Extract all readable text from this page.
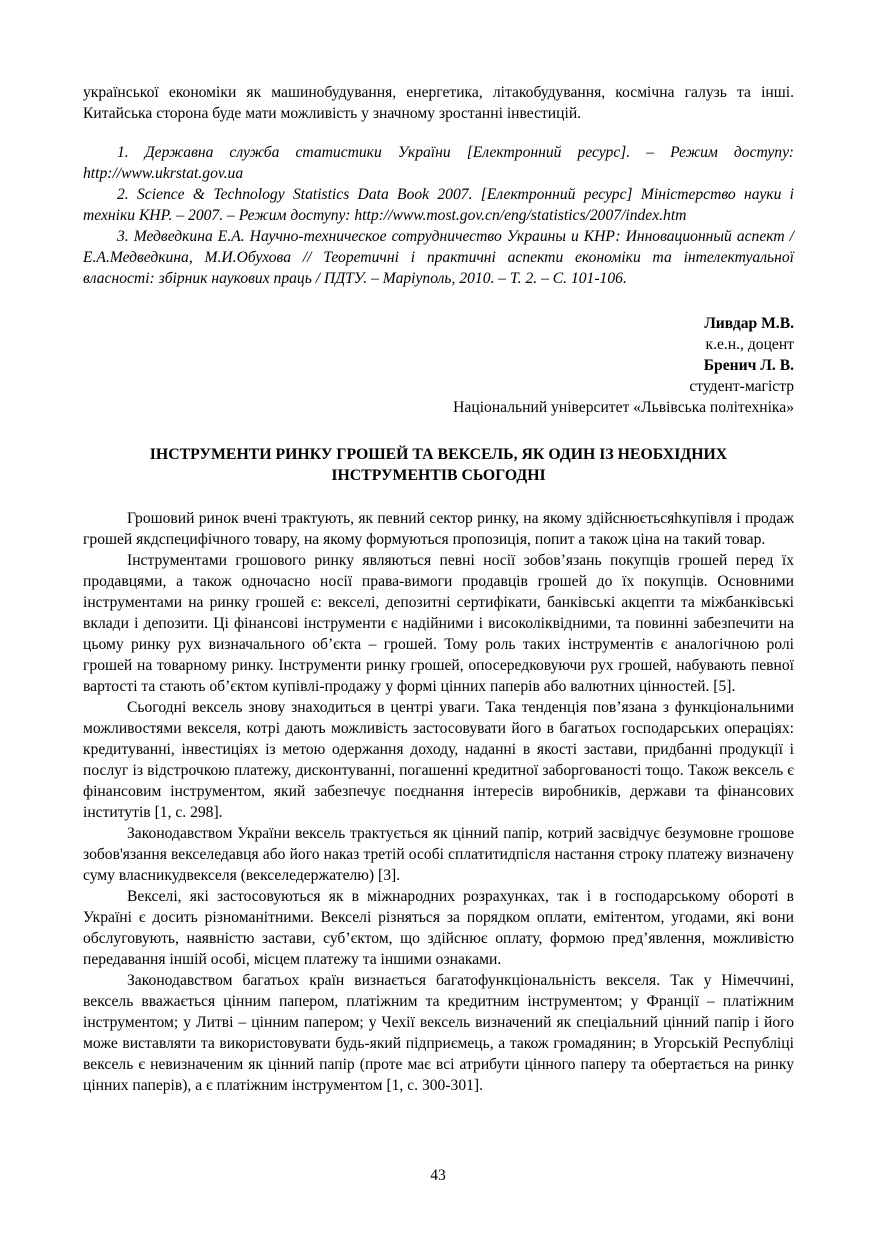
української економіки як машинобудування, енергетика, літакобудування, космічна галузь та інші. Китайська сторона буде мати можливість у значному зростанні інвестицій.

1. Державна служба статистики України [Електронний ресурс]. – Режим доступу: http://www.ukrstat.gov.ua

2. Science & Technology Statistics Data Book 2007. [Електронний ресурс] Міністерство науки і техніки КНР. – 2007. – Режим доступу: http://www.most.gov.cn/eng/statistics/2007/index.htm

3. Медведкина Е.А. Научно-техническое сотрудничество Украины и КНР: Инновационный аспект / Е.А.Медведкина, М.И.Обухова // Теоретичні і практичні аспекти економіки та інтелектуальної власності: збірник наукових праць / ПДТУ. – Маріуполь, 2010. – Т. 2. – С. 101-106.

Ливдар М.В.
к.е.н., доцент
Бренич Л. В.
студент-магістр
Національний університет «Львівська політехніка»
ІНСТРУМЕНТИ РИНКУ ГРОШЕЙ ТА ВЕКСЕЛЬ, ЯК ОДИН ІЗ НЕОБХІДНИХ ІНСТРУМЕНТІВ СЬОГОДНІ

Грошовий ринок вчені трактують, як певний сектор ринку, на якому здійснюєтьсяhкупівля і продаж грошей якдспецифічного товару, на якому формуються пропозиція, попит а також ціна на такий товар.

Інструментами грошового ринку являються певні носії зобов’язань покупців грошей перед їх продавцями, а також одночасно носії права-вимоги продавців грошей до їх покупців. Основними інструментами на ринку грошей є: векселі, депозитні сертифікати, банківські акцепти та міжбанківські вклади і депозити. Ці фінансові інструменти є надійними і високоліквідними, та повинні забезпечити на цьому ринку рух визначального об’єкта – грошей. Тому роль таких інструментів є аналогічною ролі грошей на товарному ринку. Інструменти ринку грошей, опосередковуючи рух грошей, набувають певної вартості та стають об’єктом купівлі-продажу у формі цінних паперів або валютних цінностей. [5].

Сьогодні вексель знову знаходиться в центрі уваги. Така тенденція пов’язана з функціональними можливостями векселя, котрі дають можливість застосовувати його в багатьох господарських операціях: кредитуванні, інвестиціях із метою одержання доходу, наданні в якості застави, придбанні продукції і послуг із відстрочкою платежу, дисконтуванні, погашенні кредитної заборгованості тощо. Також вексель є фінансовим інструментом, який забезпечує поєднання інтересів виробників, держави та фінансових інститутів [1, с. 298].

Законодавством України вексель трактується як цінний папір, котрий засвідчує безумовне грошове зобов'язання векселедавця або його наказ третій особі сплатитидпісля настання строку платежу визначену суму власникудвекселя (векселедержателю) [3].

Векселі, які застосовуються як в міжнародних розрахунках, так і в господарському обороті в Україні є досить різноманітними. Векселі різняться за порядком оплати, емітентом, угодами, які вони обслуговують, наявністю застави, суб’єктом, що здійснює оплату, формою пред’явлення, можливістю передавання іншій особі, місцем платежу та іншими ознаками.

Законодавством багатьох країн визнається багатофункціональність векселя. Так у Німеччині, вексель вважається цінним папером, платіжним та кредитним інструментом; у Франції – платіжним інструментом; у Литві – цінним папером; у Чехії вексель визначений як спеціальний цінний папір і його може виставляти та використовувати будь-який підприємець, а також громадянин; в Угорській Республіці вексель є невизначеним як цінний папір (проте має всі атрибути цінного паперу та обертається на ринку цінних паперів), а є платіжним інструментом [1, с. 300-301].

43
